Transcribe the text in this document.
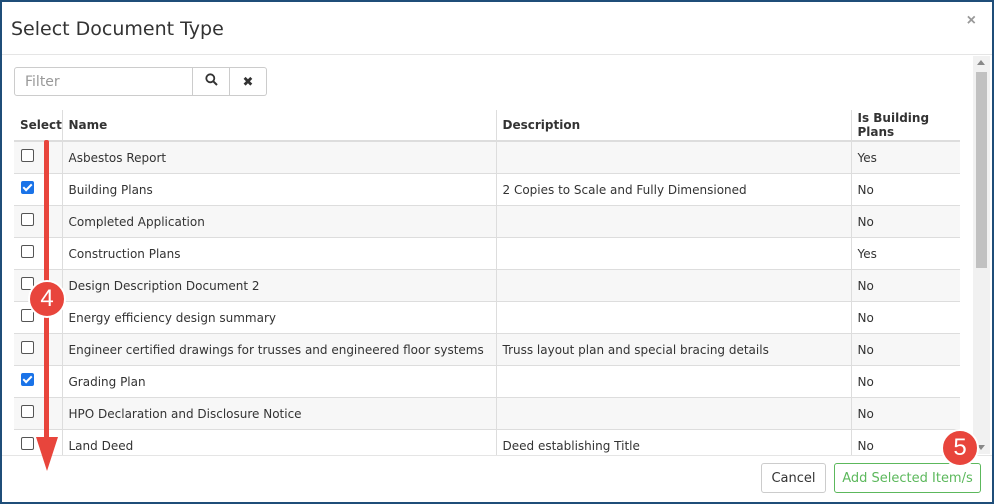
Select Document Type	×
Filter
✖
Select	Name	Description	Is Building Plans
	Asbestos Report		Yes
	Building Plans	2 Copies to Scale and Fully Dimensioned	No
	Completed Application		No
	Construction Plans		Yes
	Design Description Document 2		No
	Energy efficiency design summary		No
	Engineer certified drawings for trusses and engineered floor systems	Truss layout plan and special bracing details	No
	Grading Plan		No
	HPO Declaration and Disclosure Notice		No
	Land Deed	Deed establishing Title	No
Cancel	Add Selected Item/s
4
5
